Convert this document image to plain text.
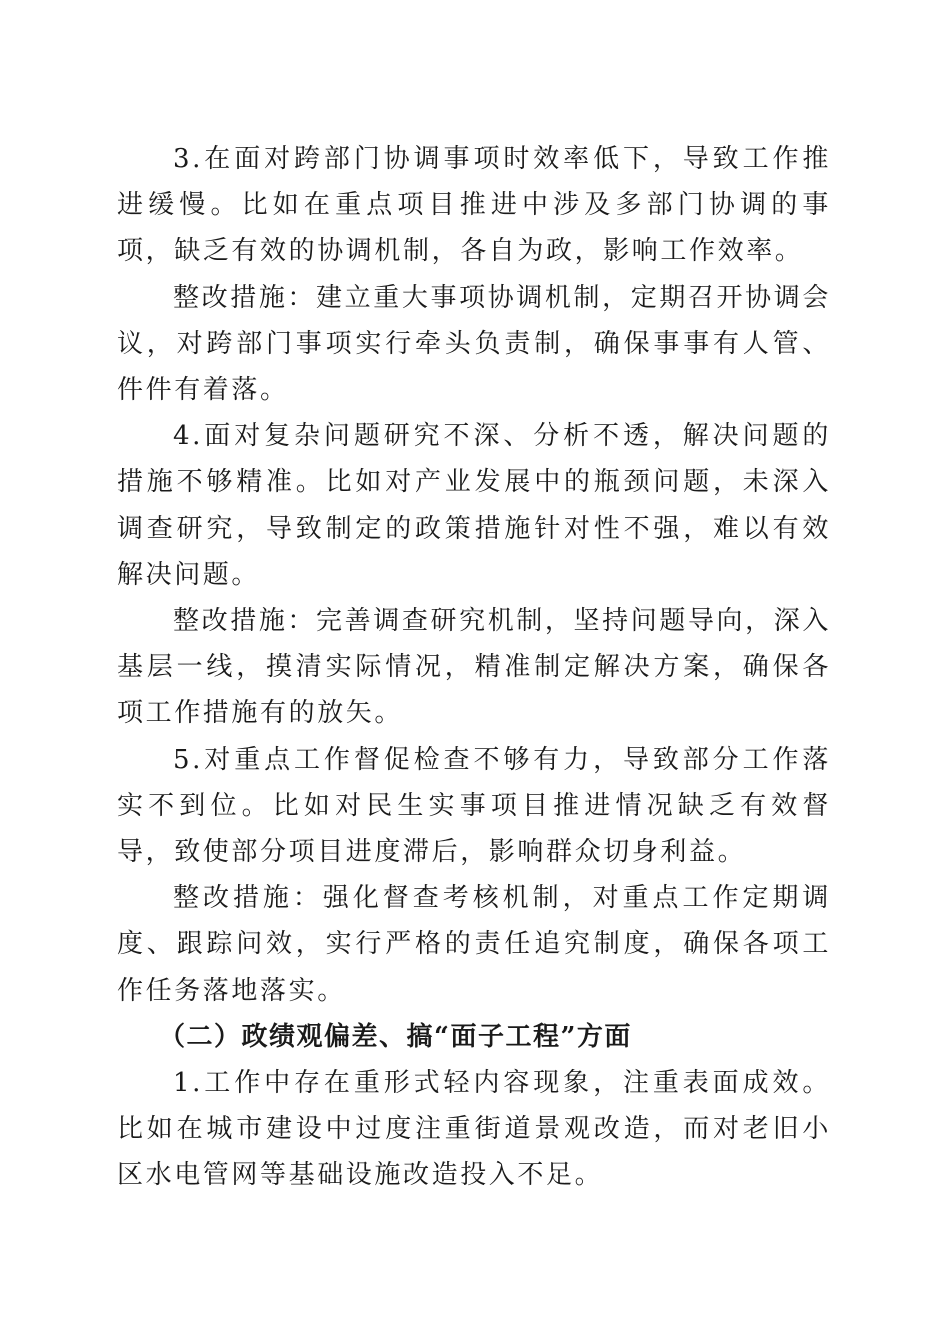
3.在面对跨部门协调事项时效率低下，导致工作推进缓慢。比如在重点项目推进中涉及多部门协调的事项，缺乏有效的协调机制，各自为政，影响工作效率。

整改措施：建立重大事项协调机制，定期召开协调会议，对跨部门事项实行牵头负责制，确保事事有人管、件件有着落。

4.面对复杂问题研究不深、分析不透，解决问题的措施不够精准。比如对产业发展中的瓶颈问题，未深入调查研究，导致制定的政策措施针对性不强，难以有效解决问题。

整改措施：完善调查研究机制，坚持问题导向，深入基层一线，摸清实际情况，精准制定解决方案，确保各项工作措施有的放矢。

5.对重点工作督促检查不够有力，导致部分工作落实不到位。比如对民生实事项目推进情况缺乏有效督导，致使部分项目进度滞后，影响群众切身利益。

整改措施：强化督查考核机制，对重点工作定期调度、跟踪问效，实行严格的责任追究制度，确保各项工作任务落地落实。

（二）政绩观偏差、搞“面子工程”方面

1.工作中存在重形式轻内容现象，注重表面成效。比如在城市建设中过度注重街道景观改造，而对老旧小区水电管网等基础设施改造投入不足。
